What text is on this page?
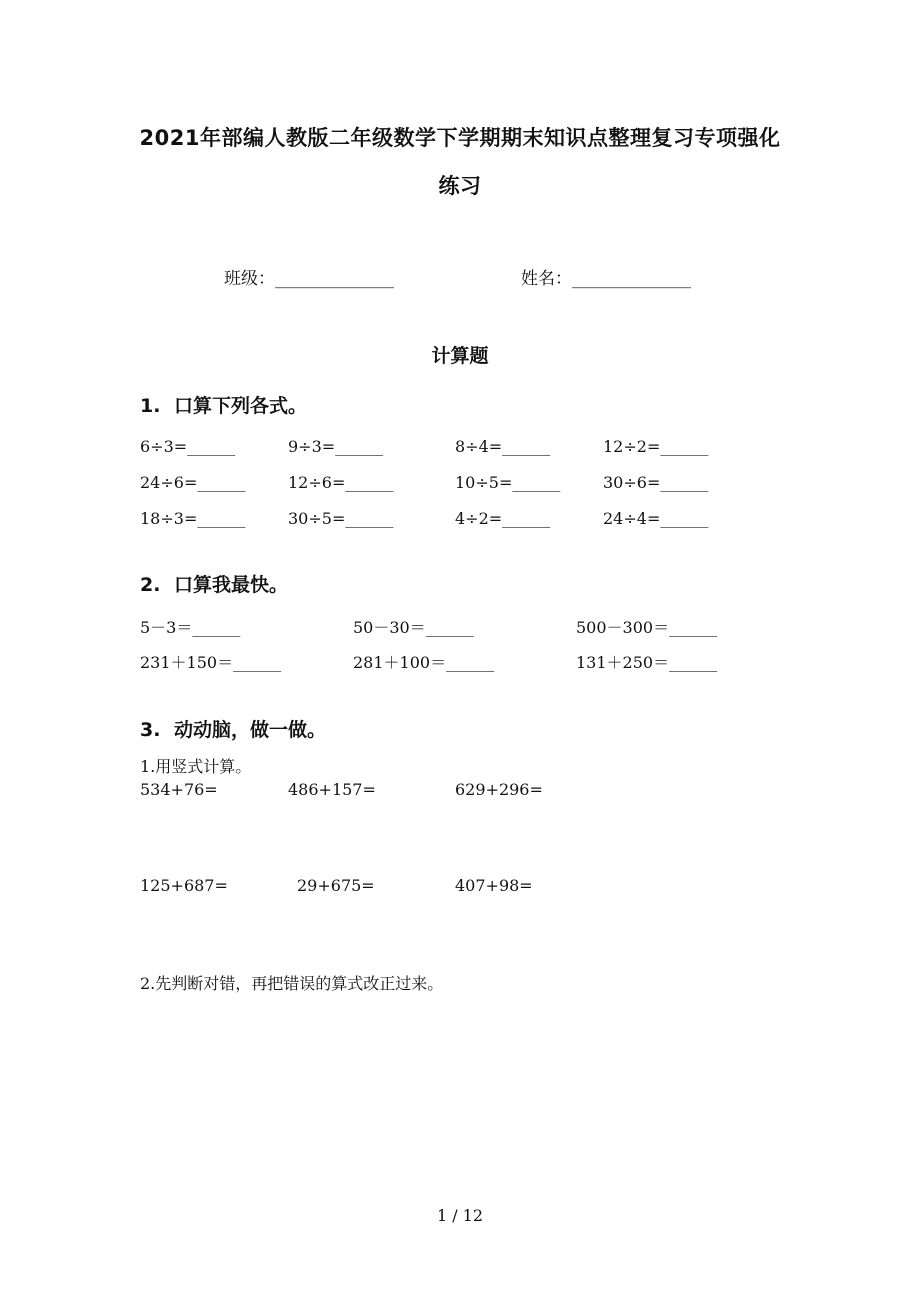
2021年部编人教版二年级数学下学期期末知识点整理复习专项强化
练习
班级：______________	姓名：______________
计算题
1. 口算下列各式。
6÷3=______	9÷3=______	8÷4=______	12÷2=______
24÷6=______	12÷6=______	10÷5=______	30÷6=______
18÷3=______	30÷5=______	4÷2=______	24÷4=______
2. 口算我最快。
5－3＝______	50－30＝______	500－300＝______
231＋150＝______	281＋100＝______	131＋250＝______
3. 动动脑，做一做。
1.用竖式计算。
534+76=	486+157=	629+296=
125+687=	29+675=	407+98=
2.先判断对错，再把错误的算式改正过来。
1 / 12
